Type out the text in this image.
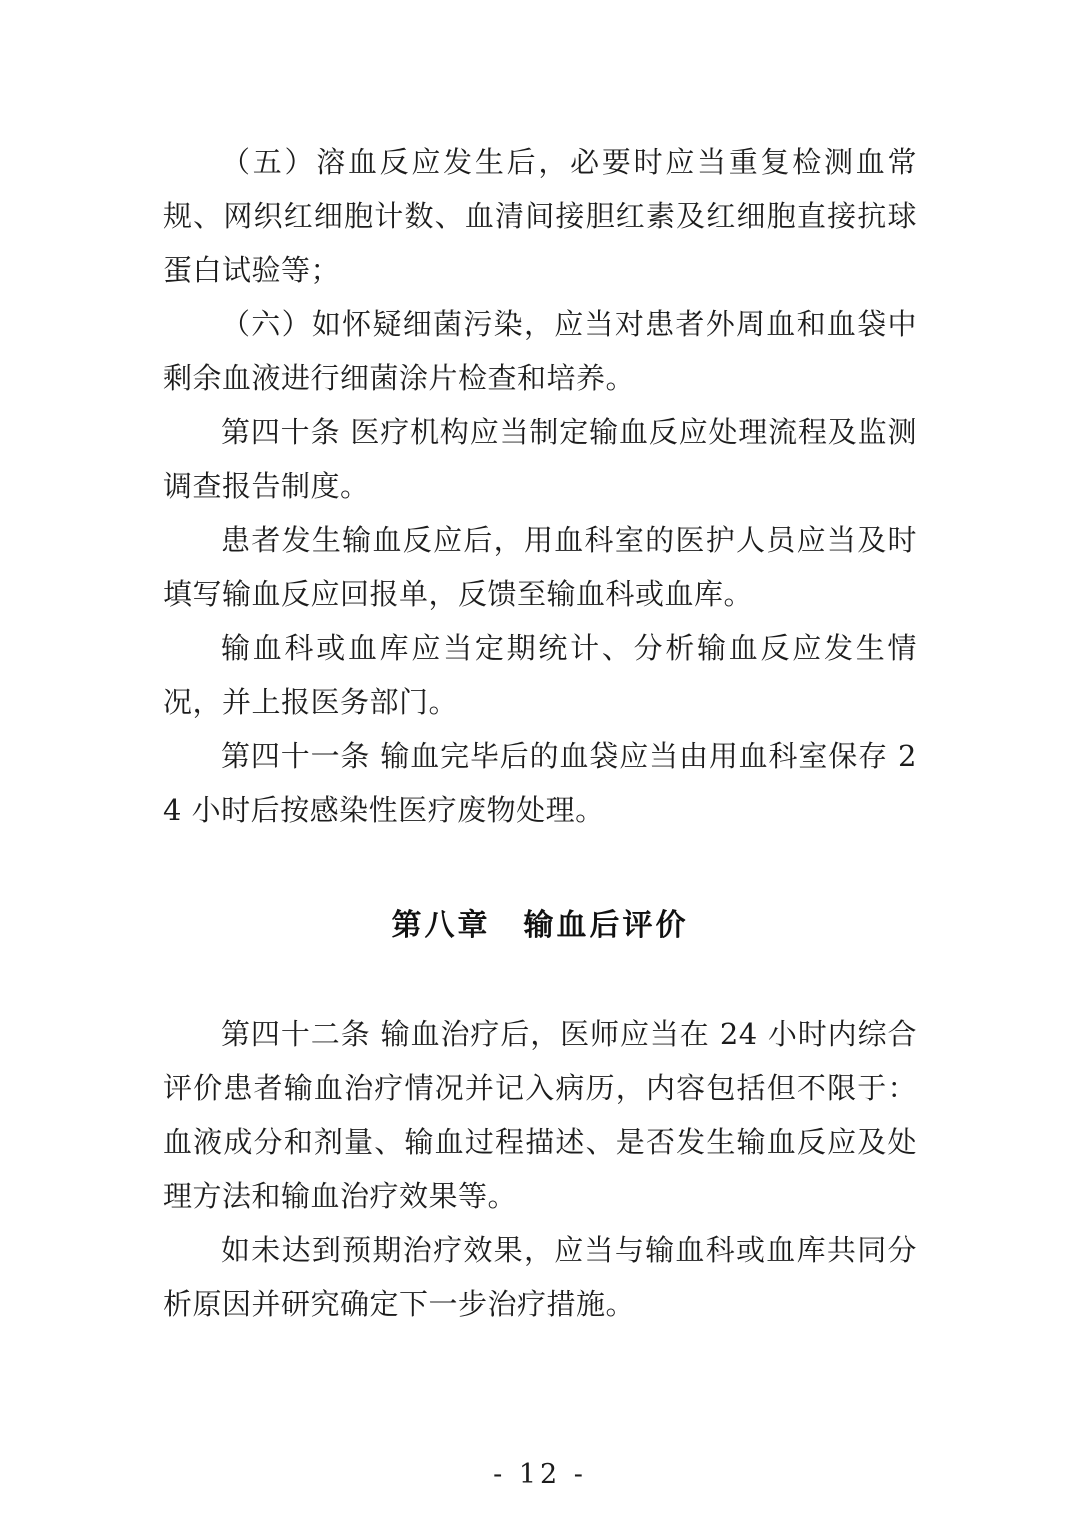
（五）溶血反应发生后，必要时应当重复检测血常规、网织红细胞计数、血清间接胆红素及红细胞直接抗球蛋白试验等；

（六）如怀疑细菌污染，应当对患者外周血和血袋中剩余血液进行细菌涂片检查和培养。

第四十条 医疗机构应当制定输血反应处理流程及监测调查报告制度。

患者发生输血反应后，用血科室的医护人员应当及时填写输血反应回报单，反馈至输血科或血库。

输血科或血库应当定期统计、分析输血反应发生情况，并上报医务部门。

第四十一条 输血完毕后的血袋应当由用血科室保存 24 小时后按感染性医疗废物处理。

第八章　输血后评价

第四十二条 输血治疗后，医师应当在 24 小时内综合评价患者输血治疗情况并记入病历，内容包括但不限于：血液成分和剂量、输血过程描述、是否发生输血反应及处理方法和输血治疗效果等。

如未达到预期治疗效果，应当与输血科或血库共同分析原因并研究确定下一步治疗措施。

- 12 -
